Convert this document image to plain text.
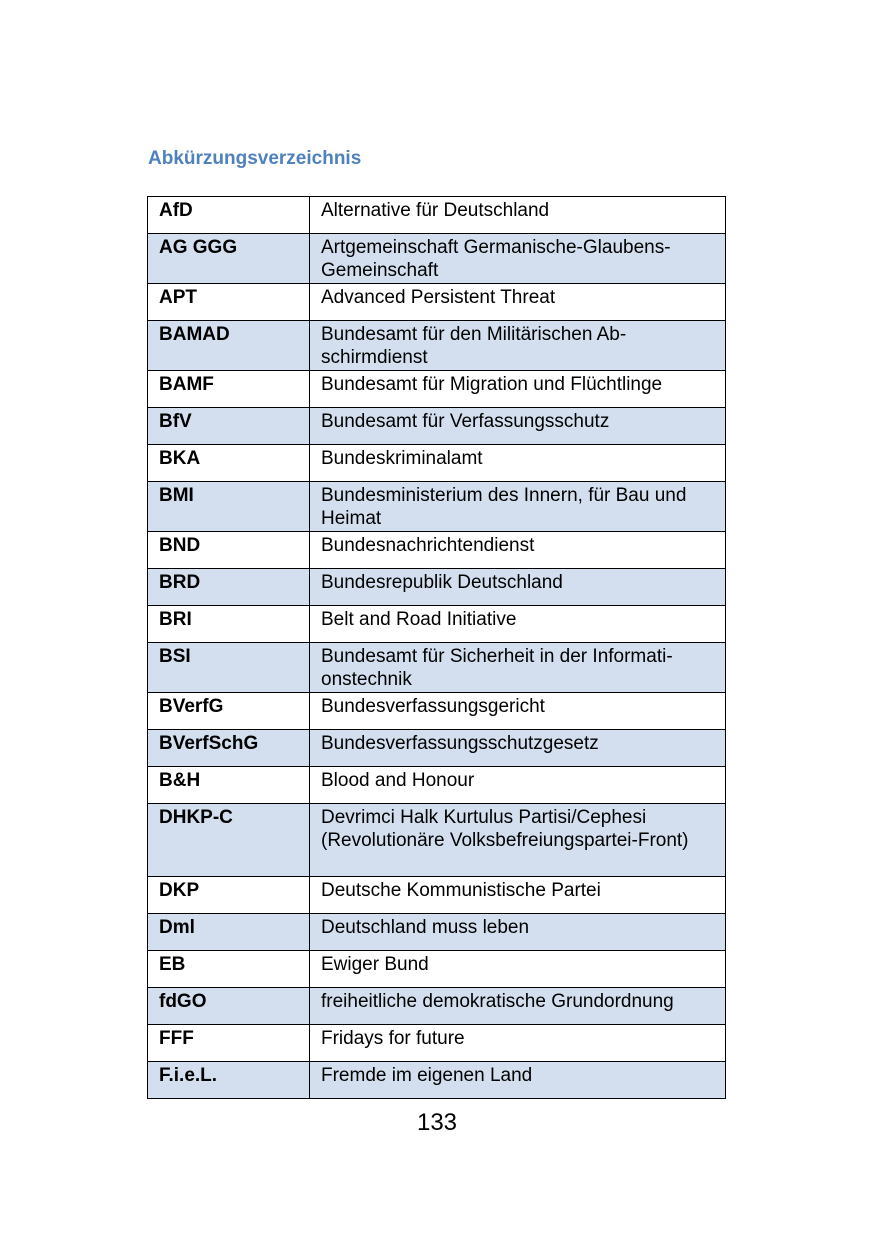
Abkürzungsverzeichnis
AfD	Alternative für Deutschland
AG GGG	Artgemeinschaft Germanische-Glaubens-Gemeinschaft
APT	Advanced Persistent Threat
BAMAD	Bundesamt für den Militärischen Ab-schirmdienst
BAMF	Bundesamt für Migration und Flüchtlinge
BfV	Bundesamt für Verfassungsschutz
BKA	Bundeskriminalamt
BMI	Bundesministerium des Innern, für Bau und Heimat
BND	Bundesnachrichtendienst
BRD	Bundesrepublik Deutschland
BRI	Belt and Road Initiative
BSI	Bundesamt für Sicherheit in der Informati-onstechnik
BVerfG	Bundesverfassungsgericht
BVerfSchG	Bundesverfassungsschutzgesetz
B&H	Blood and Honour
DHKP-C	Devrimci Halk Kurtulus Partisi/Cephesi (Revolutionäre Volksbefreiungspartei-Front)
DKP	Deutsche Kommunistische Partei
Dml	Deutschland muss leben
EB	Ewiger Bund
fdGO	freiheitliche demokratische Grundordnung
FFF	Fridays for future
F.i.e.L.	Fremde im eigenen Land
133
